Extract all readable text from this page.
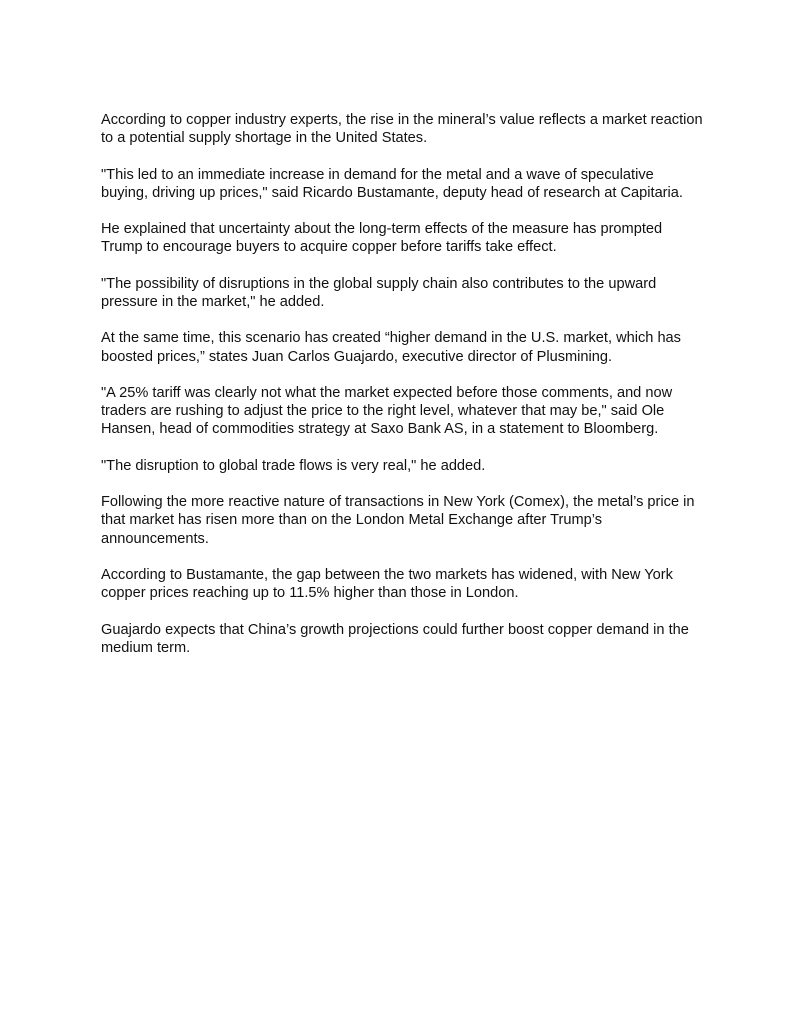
According to copper industry experts, the rise in the mineral’s value reflects a market reaction to a potential supply shortage in the United States.

"This led to an immediate increase in demand for the metal and a wave of speculative buying, driving up prices," said Ricardo Bustamante, deputy head of research at Capitaria.

He explained that uncertainty about the long-term effects of the measure has prompted Trump to encourage buyers to acquire copper before tariffs take effect.

"The possibility of disruptions in the global supply chain also contributes to the upward pressure in the market," he added.

At the same time, this scenario has created “higher demand in the U.S. market, which has boosted prices,” states Juan Carlos Guajardo, executive director of Plusmining.

"A 25% tariff was clearly not what the market expected before those comments, and now traders are rushing to adjust the price to the right level, whatever that may be," said Ole Hansen, head of commodities strategy at Saxo Bank AS, in a statement to Bloomberg.

"The disruption to global trade flows is very real," he added.

Following the more reactive nature of transactions in New York (Comex), the metal’s price in that market has risen more than on the London Metal Exchange after Trump’s announcements.

According to Bustamante, the gap between the two markets has widened, with New York copper prices reaching up to 11.5% higher than those in London.

Guajardo expects that China’s growth projections could further boost copper demand in the medium term.
